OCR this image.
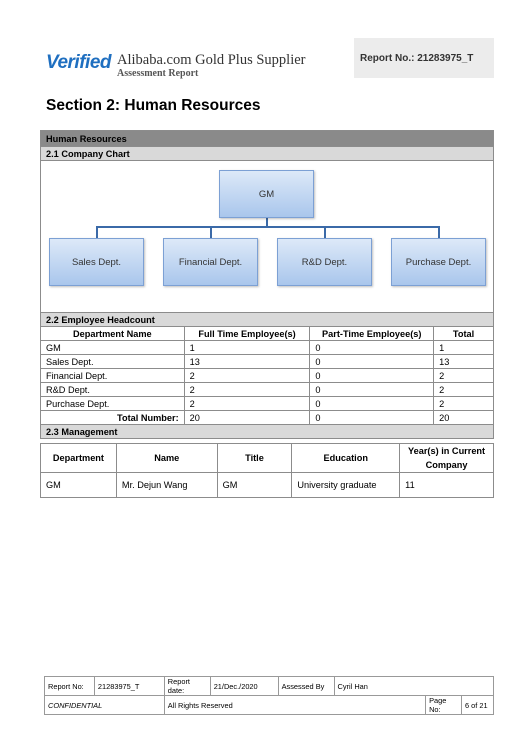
Verified Alibaba.com Gold Plus Supplier
Assessment Report
Report No.: 21283975_T
Section 2: Human Resources
Human Resources			
2.1 Company Chart			

GM
Sales Dept. Financial Dept. R&D Dept. Purchase Dept.			

2.2 Employee Headcount			
Department Name	Full Time Employee(s)	Part-Time Employee(s)	Total
GM	1	0	1
Sales Dept.	13	0	13
Financial Dept.	2	0	2
R&D Dept.	2	0	2
Purchase Dept.	2	0	2
Total Number:	20	0	20
2.3 Management			
Department	Name	Title	Education	Year(s) in Current Company
GM	Mr. Dejun Wang	GM	University graduate	11
Report No:	21283975_T	Report date:	21/Dec./2020	Assessed By	Cyril Han		
CONFIDENTIAL		All Rights Reserved				Page No:	6 of 21
